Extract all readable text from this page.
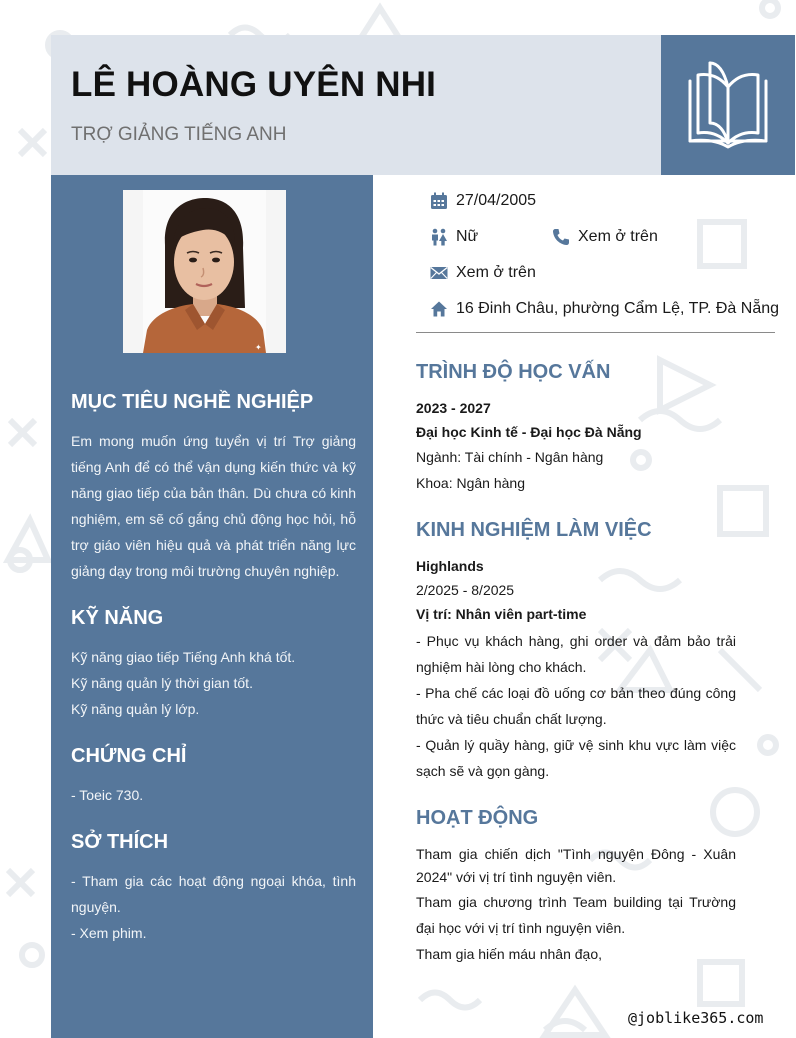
LÊ HOÀNG UYÊN NHI
TRỢ GIẢNG TIẾNG ANH
✦
MỤC TIÊU NGHỀ NGHIỆP
Em mong muốn ứng tuyển vị trí Trợ giảng tiếng Anh để có thể vận dụng kiến thức và kỹ năng giao tiếp của bản thân. Dù chưa có kinh nghiệm, em sẽ cố gắng chủ động học hỏi, hỗ trợ giáo viên hiệu quả và phát triển năng lực giảng dạy trong môi trường chuyên nghiệp.
KỸ NĂNG
Kỹ năng giao tiếp Tiếng Anh khá tốt.
Kỹ năng quản lý thời gian tốt.
Kỹ năng quản lý lớp.
CHỨNG CHỈ
- Toeic 730.
SỞ THÍCH
- Tham gia các hoạt động ngoại khóa, tình nguyện.
- Xem phim.
27/04/2005
Nữ	Xem ở trên
Xem ở trên
16 Đinh Châu, phường Cẩm Lệ, TP. Đà Nẵng
TRÌNH ĐỘ HỌC VẤN
2023 - 2027
Đại học Kinh tế - Đại học Đà Nẵng
Ngành: Tài chính - Ngân hàng
Khoa: Ngân hàng
KINH NGHIỆM LÀM VIỆC
Highlands
2/2025 - 8/2025
Vị trí: Nhân viên part-time
- Phục vụ khách hàng, ghi order và đảm bảo trải nghiệm hài lòng cho khách.
- Pha chế các loại đồ uống cơ bản theo đúng công thức và tiêu chuẩn chất lượng.
- Quản lý quầy hàng, giữ vệ sinh khu vực làm việc sạch sẽ và gọn gàng.
HOẠT ĐỘNG
Tham gia chiến dịch "Tình nguyện Đông - Xuân 2024" với vị trí tình nguyện viên.
Tham gia chương trình Team building tại Trường đại học với vị trí tình nguyện viên.
Tham gia hiến máu nhân đạo,
@joblike365.com
